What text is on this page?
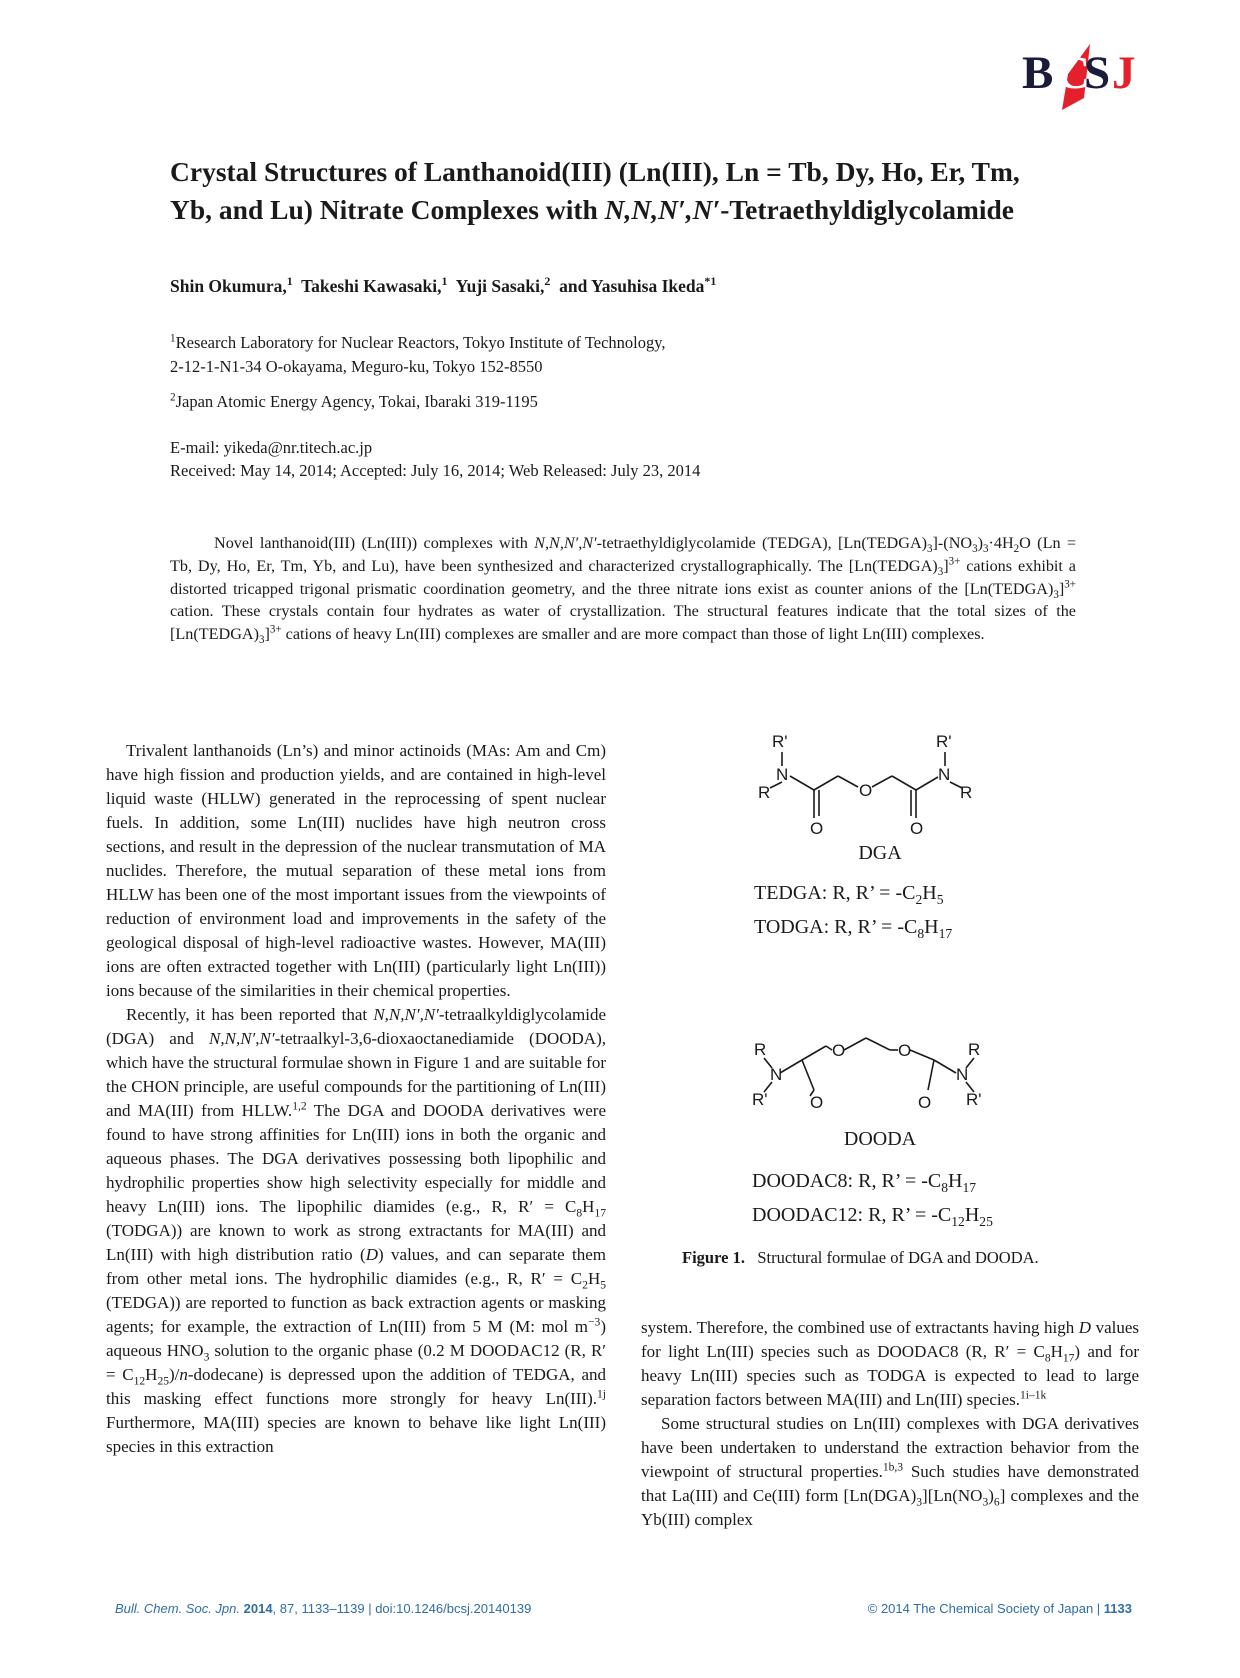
B C
S J
Crystal Structures of Lanthanoid(III) (Ln(III), Ln = Tb, Dy, Ho, Er, Tm,
Yb, and Lu) Nitrate Complexes with N,N,N′,N′-Tetraethyldiglycolamide
Shin Okumura,$^1$ Takeshi Kawasaki,$^1$ Yuji Sasaki,$^2$ and Yasuhisa Ikeda$^{*1}$
$^1$Research Laboratory for Nuclear Reactors, Tokyo Institute of Technology,
2-12-1-N1-34 O-okayama, Meguro-ku, Tokyo 152-8550
$^2$Japan Atomic Energy Agency, Tokai, Ibaraki 319-1195
E-mail: yikeda@nr.titech.ac.jp
Received: May 14, 2014; Accepted: July 16, 2014; Web Released: July 23, 2014

Novel lanthanoid(III) (Ln(III)) complexes with N,N,N′,N′-tetraethyldiglycolamide (TEDGA), $[Ln(TEDGA)_3]-(NO_3)_3\cdot 4H_2O$ (Ln = Tb, Dy, Ho, Er, Tm, Yb, and Lu), have been synthesized and characterized crystallographically. The $[Ln(TEDGA)_3]^{3+}$ cations exhibit a distorted tricapped trigonal prismatic coordination geometry, and the three nitrate ions exist as counter anions of the $[Ln(TEDGA)_3]^{3+}$ cation. These crystals contain four hydrates as water of crystallization. The structural features indicate that the total sizes of the $[Ln(TEDGA)_3]^{3+}$ cations of heavy Ln(III) complexes are smaller and are more compact than those of light Ln(III) complexes.

Trivalent lanthanoids (Ln’s) and minor actinoids (MAs: Am and Cm) have high fission and production yields, and are contained in high-level liquid waste (HLLW) generated in the reprocessing of spent nuclear fuels. In addition, some Ln(III) nuclides have high neutron cross sections, and result in the depression of the nuclear transmutation of MA nuclides. Therefore, the mutual separation of these metal ions from HLLW has been one of the most important issues from the viewpoints of reduction of environment load and improvements in the safety of the geological disposal of high-level radioactive wastes. However, MA(III) ions are often extracted together with Ln(III) (particularly light Ln(III)) ions because of the similarities in their chemical properties.

Recently, it has been reported that N,N,N′,N′-tetraalkyldiglycolamide (DGA) and N,N,N′,N′-tetraalkyl-3,6-dioxaoctanediamide (DOODA), which have the structural formulae shown in Figure 1 and are suitable for the CHON principle, are useful compounds for the partitioning of Ln(III) and MA(III) from HLLW.$^{1,2}$ The DGA and DOODA derivatives were found to have strong affinities for Ln(III) ions in both the organic and aqueous phases. The DGA derivatives possessing both lipophilic and hydrophilic properties show high selectivity especially for middle and heavy Ln(III) ions. The lipophilic diamides (e.g., R, $R' = C_8H_{17}$ (TODGA)) are known to work as strong extractants for MA(III) and Ln(III) with high distribution ratio (D) values, and can separate them from other metal ions. The hydrophilic diamides (e.g., R, $R' = C_2H_5$ (TEDGA)) are reported to function as back extraction agents or masking agents; for example, the extraction of Ln(III) from 5 M (M: mol $m^{-3}$) aqueous $HNO_3$ solution to the organic phase (0.2 M DOODAC12 (R, $R' = C_{12}H_{25})/n-dodecane$) is depressed upon the addition of TEDGA, and this masking effect functions more strongly for heavy Ln(III).$^{1j}$ Furthermore, MA(III) species are known to behave like light Ln(III) species in this extraction

R'
N
R
O
O
O
R'
N
R
DGA
TEDGA: R, R’ = $-C_2H_5$
TODGA: R, R’ = $-C_8H_{17}$
R
N
R' O
O	O
O
N
R
R'
DOODA
DOODAC8: R, R’ = $-C_8H_{17}$
DOODAC12: R, R’ = $-C_{12}H_{25}$
Figure 1. Structural formulae of DGA and DOODA.

system. Therefore, the combined use of extractants having high D values for light Ln(III) species such as DOODAC8 (R, $R' = C_8H_{17}$) and for heavy Ln(III) species such as TODGA is expected to lead to large separation factors between MA(III) and Ln(III) species.$^{1i-1k}$

Some structural studies on Ln(III) complexes with DGA derivatives have been undertaken to understand the extraction behavior from the viewpoint of structural properties.$^{1b,3}$ Such studies have demonstrated that La(III) and Ce(III) form $[Ln(DGA)_3][Ln(NO_3)_6]$ complexes and the Yb(III) complex

Bull. Chem. Soc. Jpn. 2014, 87, 1133–1139 | doi:10.1246/bcsj.20140139	© 2014 The Chemical Society of Japan | 1133
